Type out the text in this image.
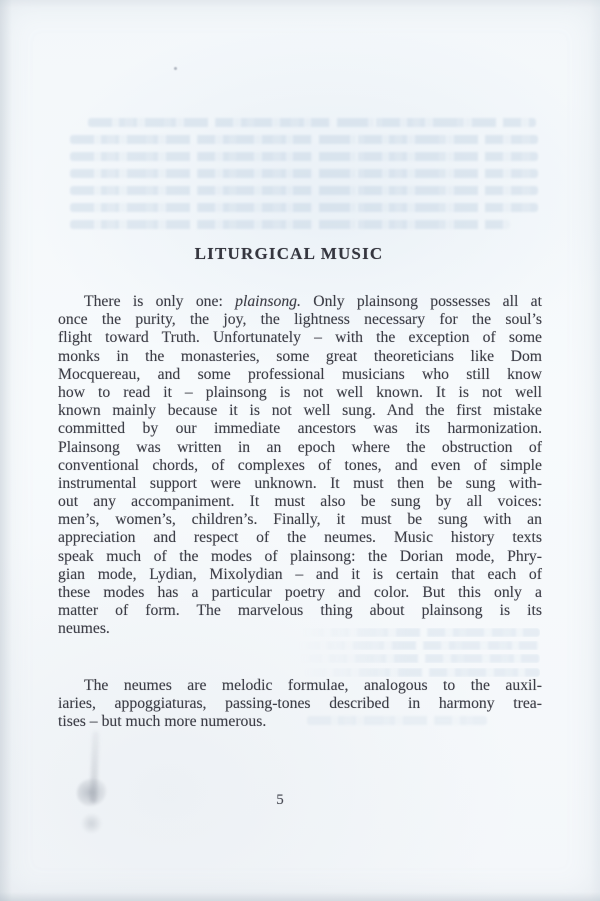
LITURGICAL MUSIC
There is only one: plainsong. Only plainsong possesses all at
once the purity, the joy, the lightness necessary for the soul’s
flight toward Truth. Unfortunately – with the exception of some
monks in the monasteries, some great theoreticians like Dom
Mocquereau, and some professional musicians who still know
how to read it – plainsong is not well known. It is not well
known mainly because it is not well sung. And the first mistake
committed by our immediate ancestors was its harmonization.
Plainsong was written in an epoch where the obstruction of
conventional chords, of complexes of tones, and even of simple
instrumental support were unknown. It must then be sung with-
out any accompaniment. It must also be sung by all voices:
men’s, women’s, children’s. Finally, it must be sung with an
appreciation and respect of the neumes. Music history texts
speak much of the modes of plainsong: the Dorian mode, Phry-
gian mode, Lydian, Mixolydian – and it is certain that each of
these modes has a particular poetry and color. But this only a
matter of form. The marvelous thing about plainsong is its
neumes.
The neumes are melodic formulae, analogous to the auxil-
iaries, appoggiaturas, passing-tones described in harmony trea-
tises – but much more numerous.
5
